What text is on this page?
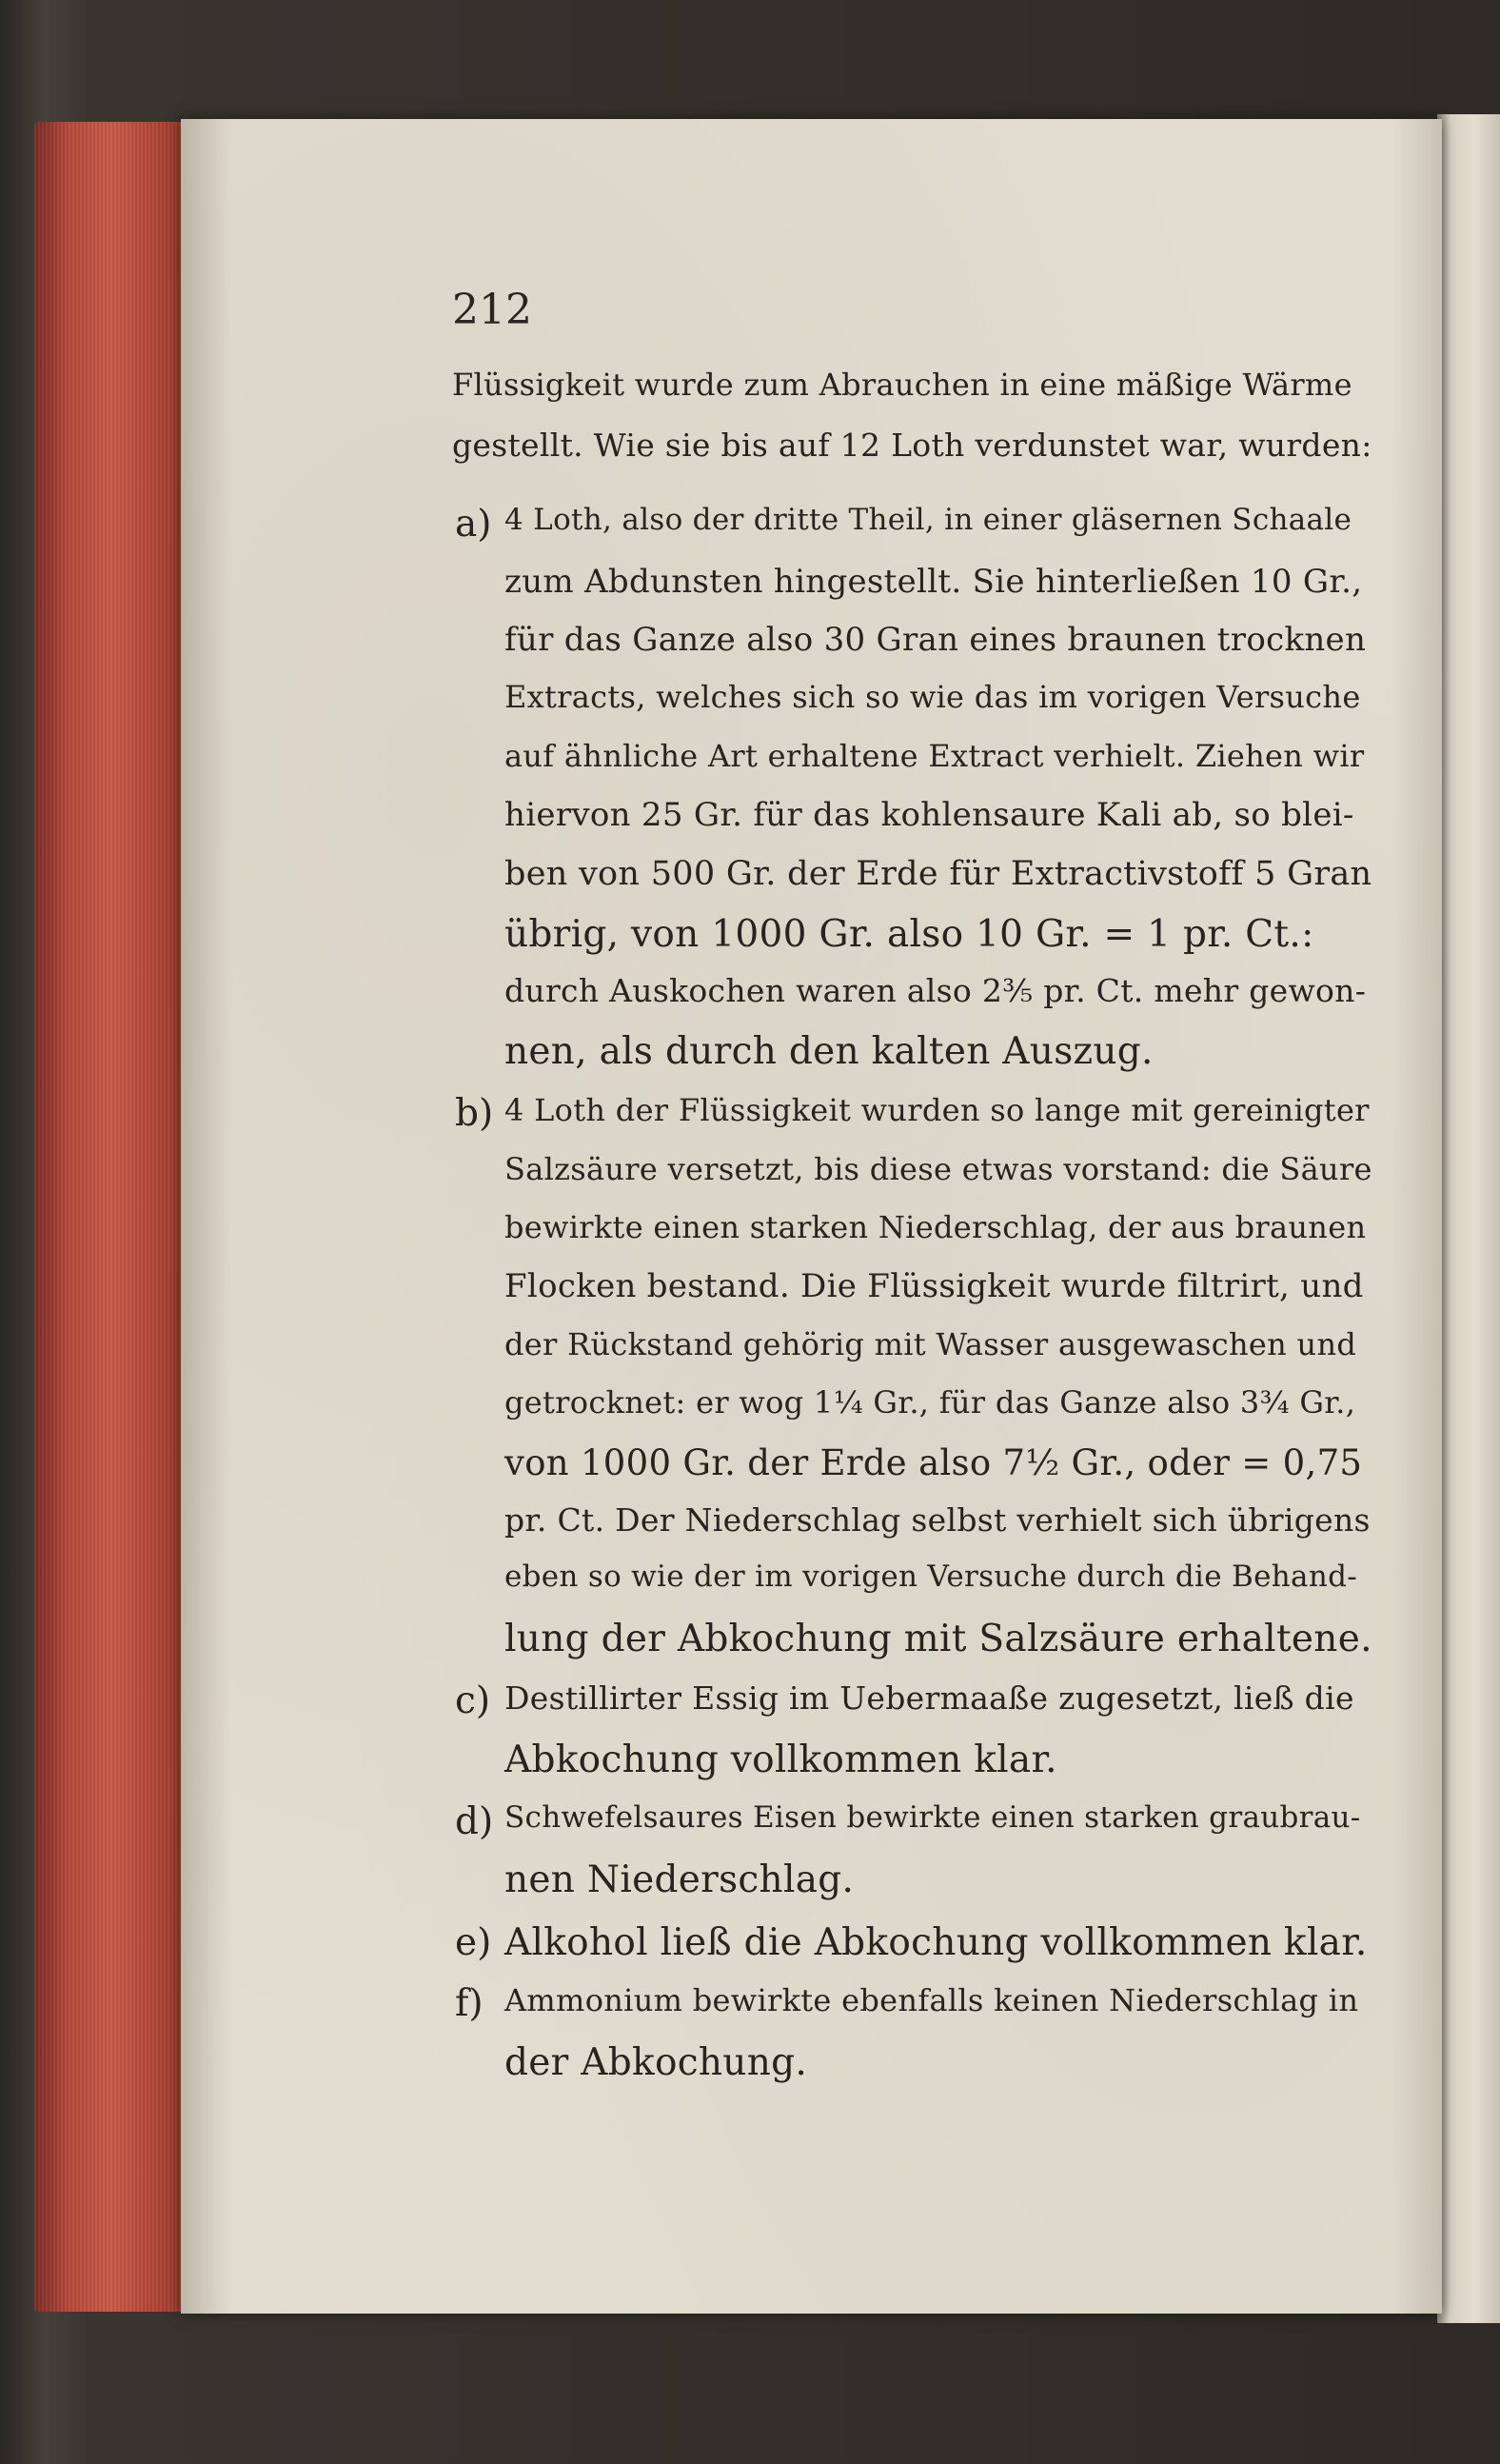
212
Flüssigkeit wurde zum Abrauchen in eine mäßige Wärme
gestellt. Wie sie bis auf 12 Loth verdunstet war, wurden:
a) 4 Loth, also der dritte Theil, in einer gläsernen Schaale
zum Abdunsten hingestellt. Sie hinterließen 10 Gr.,
für das Ganze also 30 Gran eines braunen trocknen
Extracts, welches sich so wie das im vorigen Versuche
auf ähnliche Art erhaltene Extract verhielt. Ziehen wir
hiervon 25 Gr. für das kohlensaure Kali ab, so blei-
ben von 500 Gr. der Erde für Extractivstoff 5 Gran
übrig, von 1000 Gr. also 10 Gr. = 1 pr. Ct.:
durch Auskochen waren also 2⅗ pr. Ct. mehr gewon-
nen, als durch den kalten Auszug.
b) 4 Loth der Flüssigkeit wurden so lange mit gereinigter
Salzsäure versetzt, bis diese etwas vorstand: die Säure
bewirkte einen starken Niederschlag, der aus braunen
Flocken bestand. Die Flüssigkeit wurde filtrirt, und
der Rückstand gehörig mit Wasser ausgewaschen und
getrocknet: er wog 1¼ Gr., für das Ganze also 3¾ Gr.,
von 1000 Gr. der Erde also 7½ Gr., oder = 0,75
pr. Ct. Der Niederschlag selbst verhielt sich übrigens
eben so wie der im vorigen Versuche durch die Behand-
lung der Abkochung mit Salzsäure erhaltene.
c) Destillirter Essig im Uebermaaße zugesetzt, ließ die
Abkochung vollkommen klar.
d) Schwefelsaures Eisen bewirkte einen starken graubrau-
nen Niederschlag.
e) Alkohol ließ die Abkochung vollkommen klar.
f) Ammonium bewirkte ebenfalls keinen Niederschlag in
der Abkochung.
